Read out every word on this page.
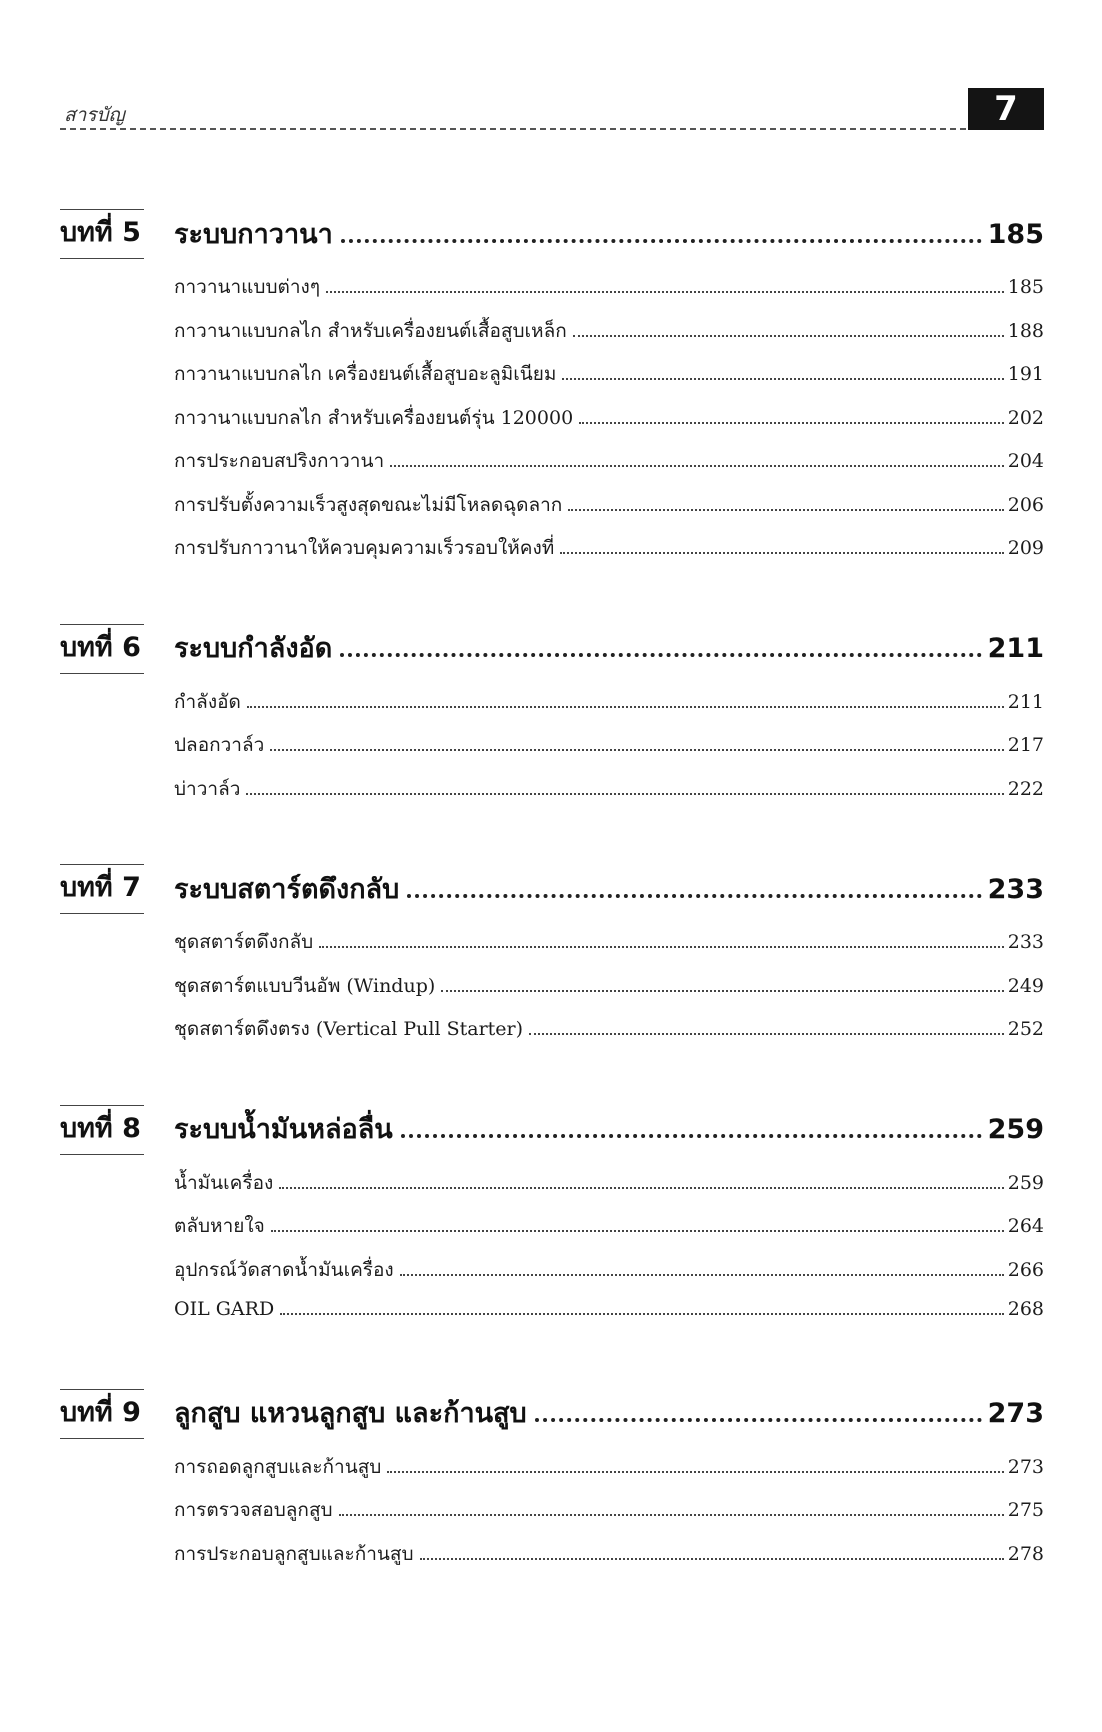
สารบัญ	7
บทที่ 5	ระบบกาวานา	185
กาวานาแบบต่างๆ	185
กาวานาแบบกลไก สำหรับเครื่องยนต์เสื้อสูบเหล็ก	188
กาวานาแบบกลไก เครื่องยนต์เสื้อสูบอะลูมิเนียม	191
กาวานาแบบกลไก สำหรับเครื่องยนต์รุ่น 120000	202
การประกอบสปริงกาวานา	204
การปรับตั้งความเร็วสูงสุดขณะไม่มีโหลดฉุดลาก	206
การปรับกาวานาให้ควบคุมความเร็วรอบให้คงที่	209
บทที่ 6	ระบบกำลังอัด	211
กำลังอัด	211
ปลอกวาล์ว	217
บ่าวาล์ว	222
บทที่ 7	ระบบสตาร์ตดึงกลับ	233
ชุดสตาร์ตดึงกลับ	233
ชุดสตาร์ตแบบวีนอัพ (Windup)	249
ชุดสตาร์ตดึงตรง (Vertical Pull Starter)	252
บทที่ 8	ระบบน้ำมันหล่อลื่น	259
น้ำมันเครื่อง	259
ตลับหายใจ	264
อุปกรณ์วัดสาดน้ำมันเครื่อง	266
OIL GARD	268
บทที่ 9	ลูกสูบ แหวนลูกสูบ และก้านสูบ	273
การถอดลูกสูบและก้านสูบ	273
การตรวจสอบลูกสูบ	275
การประกอบลูกสูบและก้านสูบ	278
